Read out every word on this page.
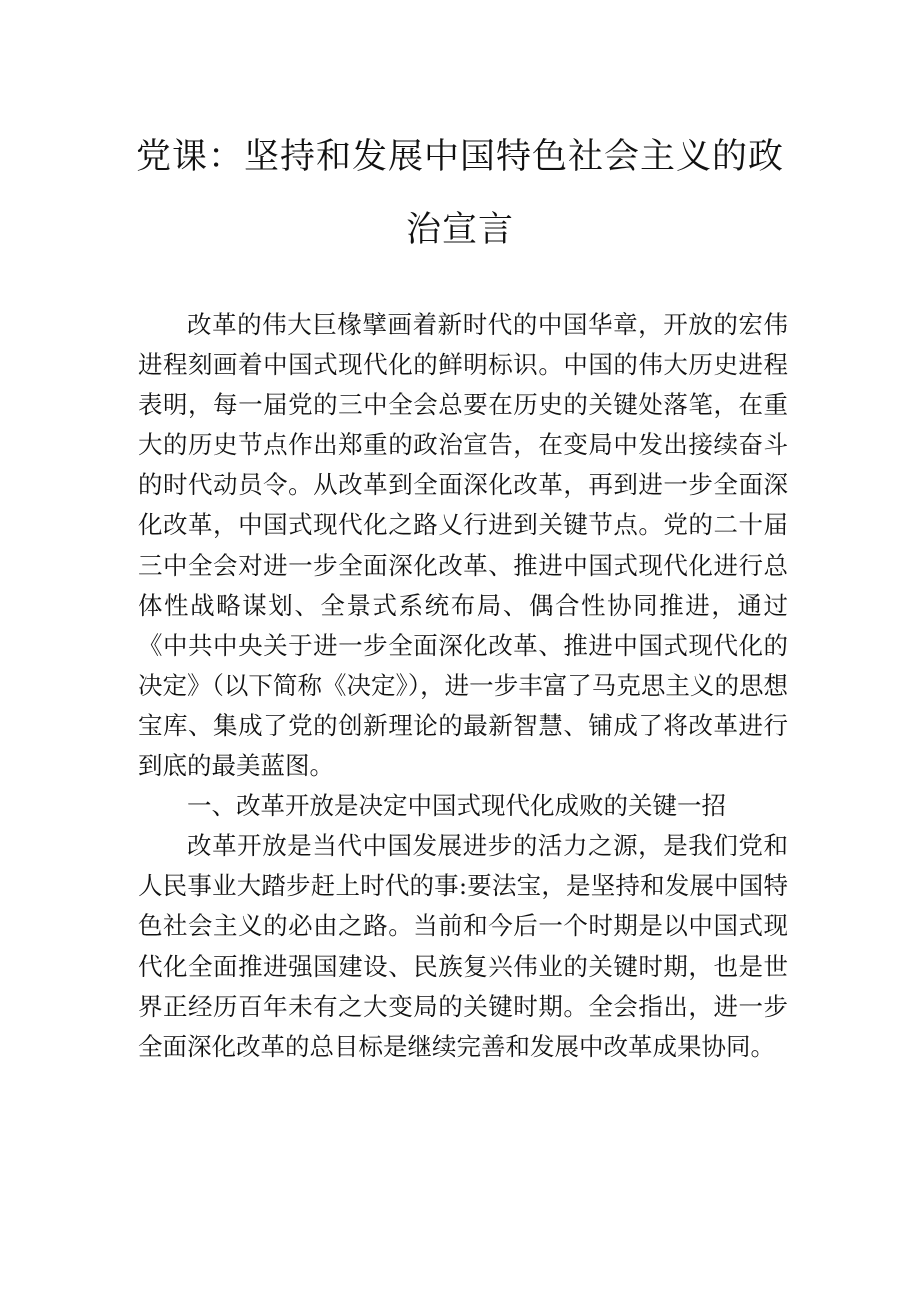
党课：坚持和发展中国特色社会主义的政
治宣言

改革的伟大巨椽擘画着新时代的中国华章，开放的宏伟进程刻画着中国式现代化的鲜明标识。中国的伟大历史进程表明，每一届党的三中全会总要在历史的关键处落笔，在重大的历史节点作出郑重的政治宣告，在变局中发出接续奋斗的时代动员令。从改革到全面深化改革，再到进一步全面深化改革，中国式现代化之路乂行进到关键节点。党的二十届三中全会对进一步全面深化改革、推进中国式现代化进行总体性战略谋划、全景式系统布局、偶合性协同推进，通过《中共中央关于进一步全面深化改革、推进中国式现代化的决定》（以下简称《决定》），进一步丰富了马克思主义的思想宝库、集成了党的创新理论的最新智慧、铺成了将改革进行到底的最美蓝图。

一、改革开放是决定中国式现代化成败的关键一招

改革开放是当代中国发展进步的活力之源，是我们党和人民事业大踏步赶上时代的事:要法宝，是坚持和发展中国特色社会主义的必由之路。当前和今后一个时期是以中国式现代化全面推进强国建设、民族复兴伟业的关键时期，也是世界正经历百年未有之大变局的关键时期。全会指出，进一步全面深化改革的总目标是继续完善和发展中改革成果协同。
